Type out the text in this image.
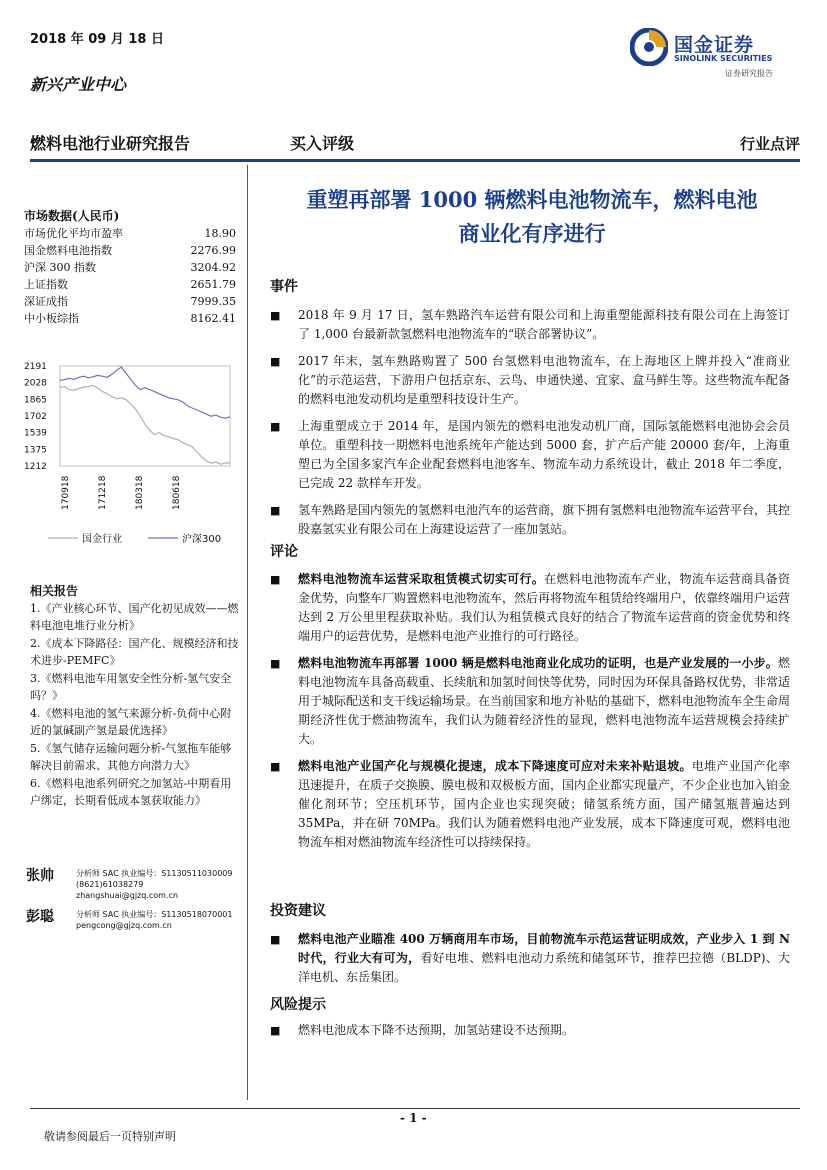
2018 年 09 月 18 日
新兴产业中心
国金证券
SINOLINK SECURITIES
证券研究报告
燃料电池行业研究报告	买入评级	行业点评
重塑再部署 1000 辆燃料电池物流车，燃料电池
商业化有序进行
市场数据(人民币)
市场优化平均市盈率	18.90
国金燃料电池指数	2276.99
沪深 300 指数	3204.92
上证指数	2651.79
深证成指	7999.35
中小板综指	8162.41
2191
2028
1865
1702
1539
1375
1212
170918	171218	180318	180618
国金行业	沪深300
相关报告
1.《产业核心环节、国产化初见成效——燃料电池电堆行业分析》
2.《成本下降路径：国产化、规模经济和技术进步-PEMFC》
3.《燃料电池车用氢安全性分析-氢气安全吗？》
4.《燃料电池的氢气来源分析-负荷中心附近的氯碱副产氢是最优选择》
5.《氢气储存运输问题分析-气氢拖车能够解决目前需求、其他方向潜力大》
6.《燃料电池系列研究之加氢站-中期看用户绑定，长期看低成本氢获取能力》
张帅	分析师 SAC 执业编号：S1130511030009
(8621)61038279
zhangshuai@gjzq.com.cn
彭聪	分析师 SAC 执业编号：S1130518070001
pengcong@gjzq.com.cn
事件
■	2018 年 9 月 17 日，氢车熟路汽车运营有限公司和上海重塑能源科技有限公司在上海签订了 1,000 台最新款氢燃料电池物流车的“联合部署协议”。
■	2017 年末，氢车熟路购置了 500 台氢燃料电池物流车，在上海地区上牌并投入“准商业化”的示范运营，下游用户包括京东、云鸟、申通快递、宜家、盒马鲜生等。这些物流车配备的燃料电池发动机均是重塑科技设计生产。
■	上海重塑成立于 2014 年，是国内领先的燃料电池发动机厂商，国际氢能燃料电池协会会员单位。重塑科技一期燃料电池系统年产能达到 5000 套，扩产后产能 20000 套/年，上海重塑已为全国多家汽车企业配套燃料电池客车、物流车动力系统设计，截止 2018 年二季度，已完成 22 款样车开发。
■	氢车熟路是国内领先的氢燃料电池汽车的运营商，旗下拥有氢燃料电池物流车运营平台，其控股嘉氢实业有限公司在上海建设运营了一座加氢站。
评论
■	燃料电池物流车运营采取租赁模式切实可行。在燃料电池物流车产业，物流车运营商具备资金优势，向整车厂购置燃料电池物流车，然后再将物流车租赁给终端用户，依靠终端用户运营达到 2 万公里里程获取补贴。我们认为租赁模式良好的结合了物流车运营商的资金优势和终端用户的运营优势，是燃料电池产业推行的可行路径。
■	燃料电池物流车再部署 1000 辆是燃料电池商业化成功的证明，也是产业发展的一小步。燃料电池物流车具备高载重、长续航和加氢时间快等优势，同时因为环保具备路权优势，非常适用于城际配送和支干线运输场景。在当前国家和地方补贴的基础下，燃料电池物流车全生命周期经济性优于燃油物流车，我们认为随着经济性的显现，燃料电池物流车运营规模会持续扩大。
■	燃料电池产业国产化与规模化提速，成本下降速度可应对未来补贴退坡。电堆产业国产化率迅速提升，在质子交换膜、膜电极和双极板方面，国内企业都实现量产，不少企业也加入铂金催化剂环节；空压机环节，国内企业也实现突破；储氢系统方面，国产储氢瓶普遍达到 35MPa，并在研 70MPa。我们认为随着燃料电池产业发展，成本下降速度可观，燃料电池物流车相对燃油物流车经济性可以持续保持。
投资建议
■	燃料电池产业瞄准 400 万辆商用车市场，目前物流车示范运营证明成效，产业步入 1 到 N 时代，行业大有可为，看好电堆、燃料电池动力系统和储氢环节，推荐巴拉德（BLDP)、大洋电机、东岳集团。
风险提示
■	燃料电池成本下降不达预期，加氢站建设不达预期。
- 1 -
敬请参阅最后一页特别声明
